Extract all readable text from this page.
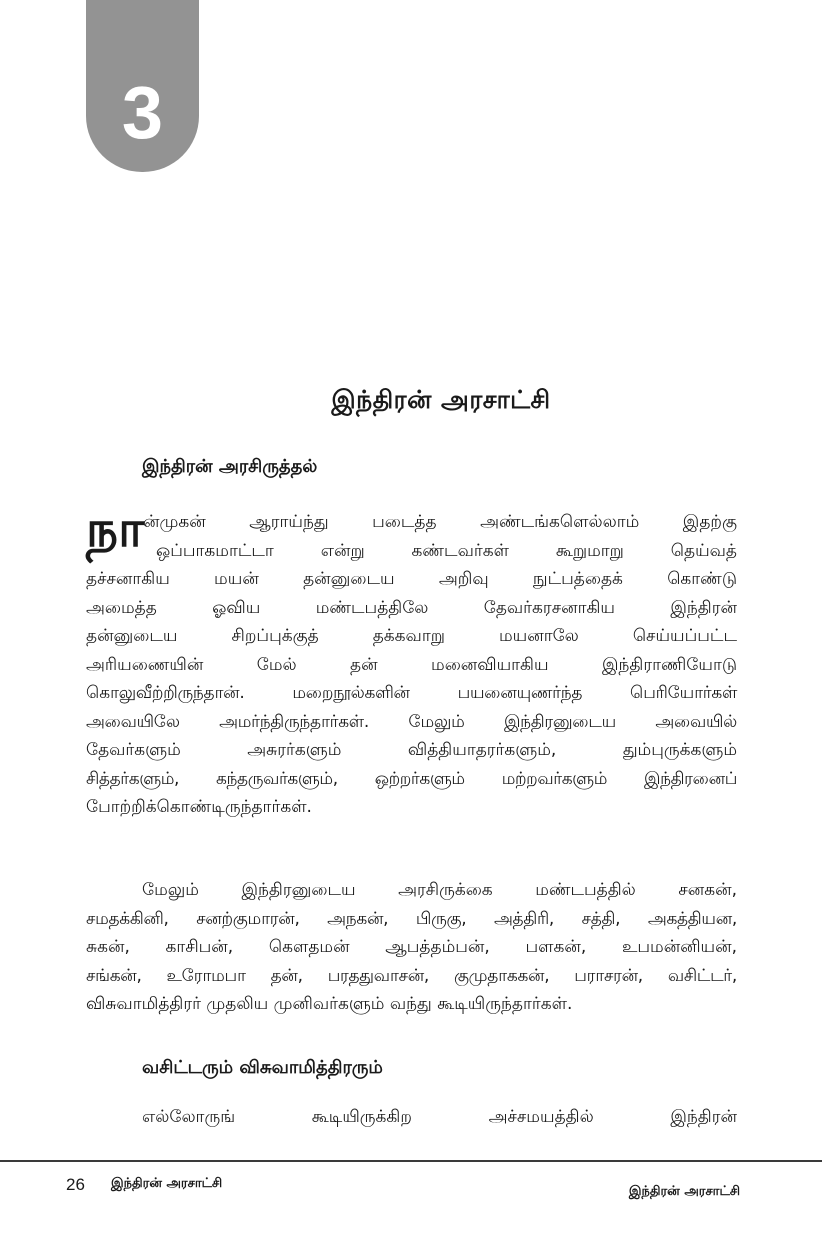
3
இந்திரன் அரசாட்சி
இந்திரன் அரசிருத்தல்
நா ன்முகன் ஆராய்ந்து படைத்த அண்டங்களெல்லாம் இதற்கு
ஒப்பாகமாட்டா என்று கண்டவர்கள் கூறுமாறு தெய்வத்
தச்சனாகிய மயன் தன்னுடைய அறிவு நுட்பத்தைக் கொண்டு
அமைத்த ஓவிய மண்டபத்திலே தேவர்கரசனாகிய இந்திரன்
தன்னுடைய சிறப்புக்குத் தக்கவாறு மயனாலே செய்யப்பட்ட
அரியணையின் மேல் தன் மனைவியாகிய இந்திராணியோடு
கொலுவீற்றிருந்தான். மறைநூல்களின் பயனையுணர்ந்த பெரியோர்கள்
அவையிலே அமர்ந்திருந்தார்கள். மேலும் இந்திரனுடைய அவையில்
தேவர்களும் அசுரர்களும் வித்தியாதரர்களும், தும்புருக்களும்
சித்தர்களும், கந்தருவர்களும், ஒற்றர்களும் மற்றவர்களும் இந்திரனைப்
போற்றிக்கொண்டிருந்தார்கள்.
மேலும் இந்திரனுடைய அரசிருக்கை மண்டபத்தில் சனகன்,
சமதக்கினி, சனற்குமாரன், அநகன், பிருகு, அத்திரி, சத்தி, அகத்தியன,
சுகன், காசிபன், கௌதமன் ஆபத்தம்பன், பளகன், உபமன்னியன்,
சங்கன், உரோமபா தன், பரததுவாசன், குமுதாககன், பராசரன், வசிட்டர்,
விசுவாமித்திரர் முதலிய முனிவர்களும் வந்து கூடியிருந்தார்கள்.
வசிட்டரும் விசுவாமித்திரரும்
எல்லோருங் கூடியிருக்கிற அச்சமயத்தில் இந்திரன்
26 இந்திரன் அரசாட்சி
இந்திரன் அரசாட்சி
